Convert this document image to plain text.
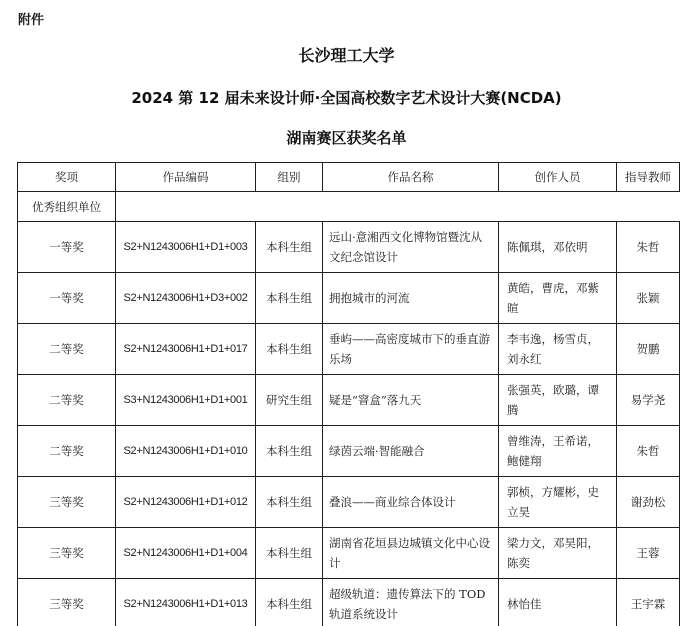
附件
长沙理工大学
2024 第 12 届未来设计师·全国高校数字艺术设计大赛(NCDA)
湖南赛区获奖名单
奖项	作品编码	组别	作品名称	创作人员	指导教师
优秀组织单位					
一等奖	S2+N1243006H1+D1+003	本科生组	远山·意湘西文化博物馆暨沈从文纪念馆设计	陈佩琪，邓依明	朱哲
一等奖	S2+N1243006H1+D3+002	本科生组	拥抱城市的河流	黄皓，曹虎，邓紫暄	张颖
二等奖	S2+N1243006H1+D1+017	本科生组	垂屿——高密度城市下的垂直游乐场	李韦逸，杨雪贞，刘永红	贺鹏
二等奖	S3+N1243006H1+D1+001	研究生组	疑是“窨盒”落九天	张强英，欧璐，谭腾	易学尧
二等奖	S2+N1243006H1+D1+010	本科生组	绿茵云端·智能融合	曾维涛，王希诺，鲍健翔	朱哲
三等奖	S2+N1243006H1+D1+012	本科生组	叠浪——商业综合体设计	郭桢，方耀彬，史立昊	谢劲松
三等奖	S2+N1243006H1+D1+004	本科生组	湖南省花垣县边城镇文化中心设计	梁力文，邓昊阳，陈奕	王蓉
三等奖	S2+N1243006H1+D1+013	本科生组	超级轨道：遗传算法下的 TOD 轨道系统设计	林怡佳	王宇霖
